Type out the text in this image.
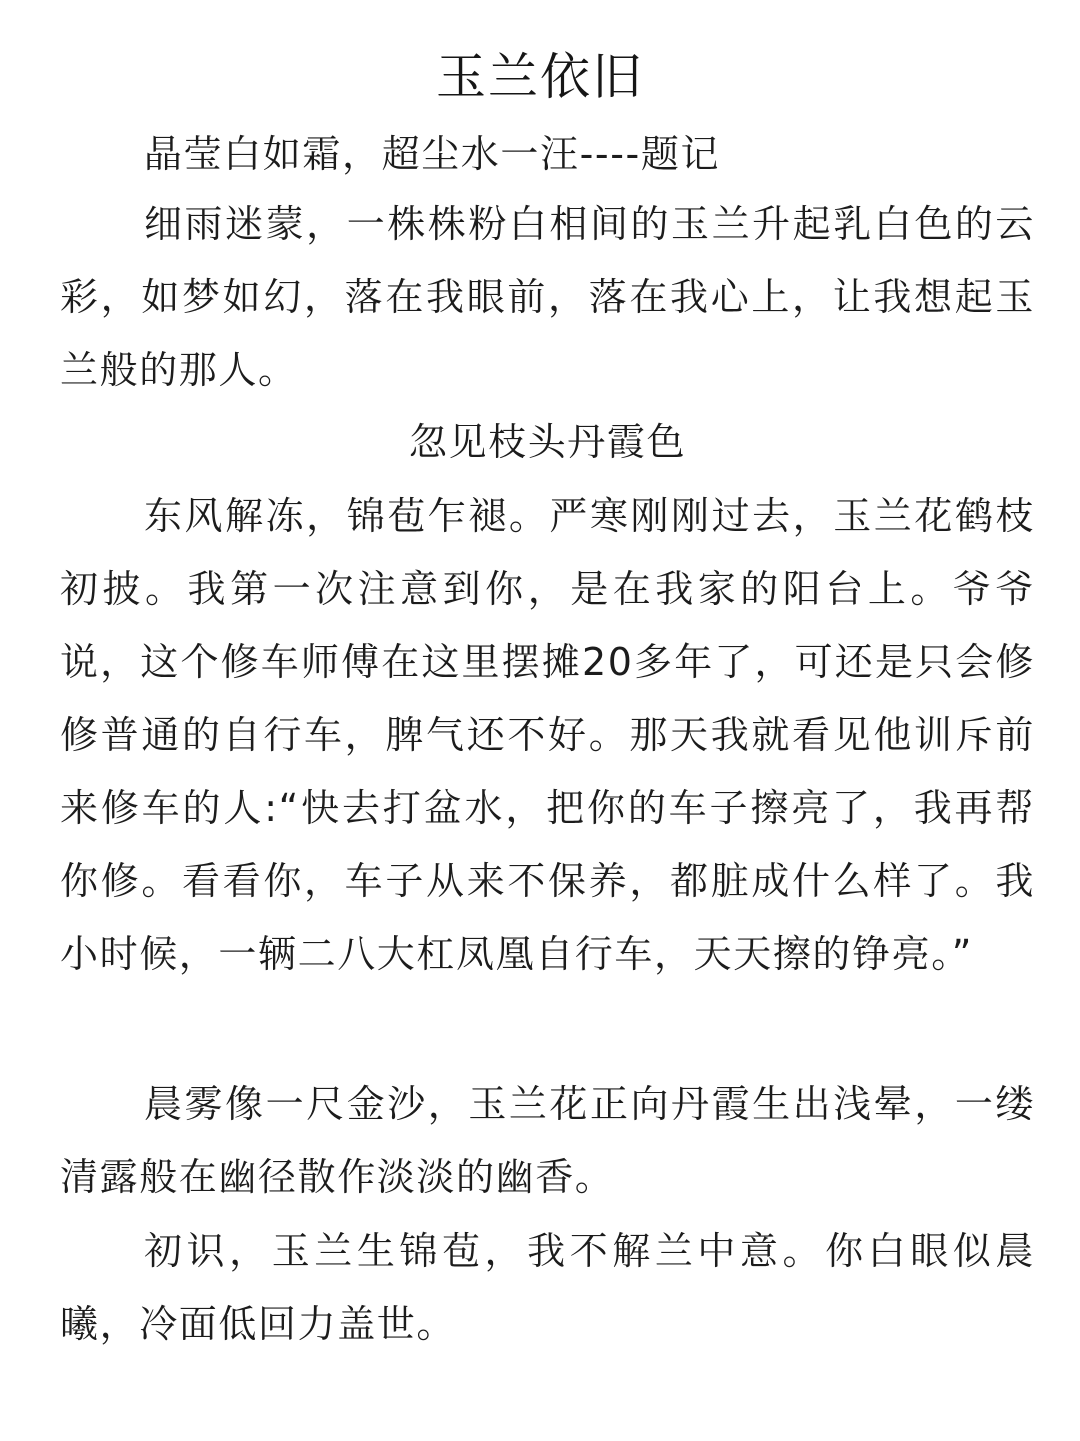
玉兰依旧

晶莹白如霜，超尘水一汪----题记

细雨迷蒙，一株株粉白相间的玉兰升起乳白色的云彩，如梦如幻，落在我眼前，落在我心上，让我想起玉兰般的那人。

忽见枝头丹霞色

东风解冻，锦苞乍褪。严寒刚刚过去，玉兰花鹤枝初披。我第一次注意到你，是在我家的阳台上。爷爷说，这个修车师傅在这里摆摊20多年了，可还是只会修修普通的自行车，脾气还不好。那天我就看见他训斥前来修车的人:“快去打盆水，把你的车子擦亮了，我再帮你修。看看你，车子从来不保养，都脏成什么样了。我小时候，一辆二八大杠凤凰自行车，天天擦的铮亮。”

晨雾像一尺金沙，玉兰花正向丹霞生出浅晕，一缕清露般在幽径散作淡淡的幽香。

初识，玉兰生锦苞，我不解兰中意。你白眼似晨曦，冷面低回力盖世。
